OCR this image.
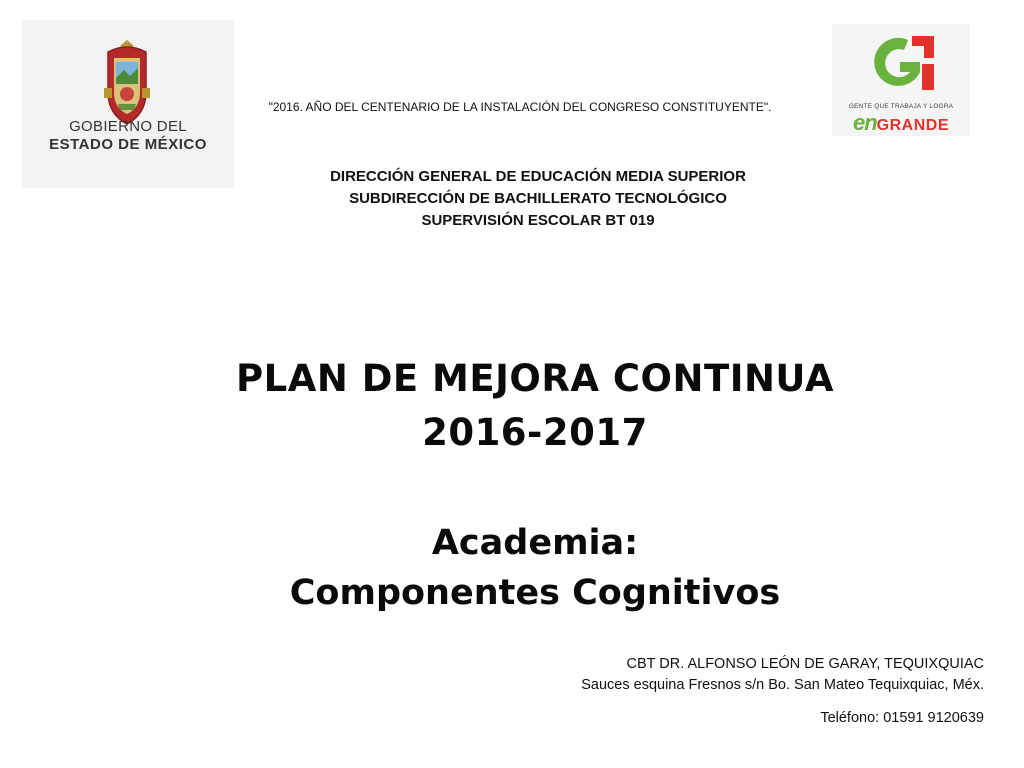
GOBIERNO DEL
ESTADO DE MÉXICO
GENTE QUE TRABAJA Y LOGRA
enGRANDE
"2016. AÑO DEL CENTENARIO DE LA INSTALACIÓN DEL CONGRESO CONSTITUYENTE".
DIRECCIÓN GENERAL DE EDUCACIÓN MEDIA SUPERIOR
SUBDIRECCIÓN DE BACHILLERATO TECNOLÓGICO
SUPERVISIÓN ESCOLAR BT 019
PLAN DE MEJORA CONTINUA
2016-2017
Academia:
Componentes Cognitivos
CBT DR. ALFONSO LEÓN DE GARAY, TEQUIXQUIAC
Sauces esquina Fresnos s/n Bo. San Mateo Tequixquiac, Méx.
Teléfono: 01591 9120639
